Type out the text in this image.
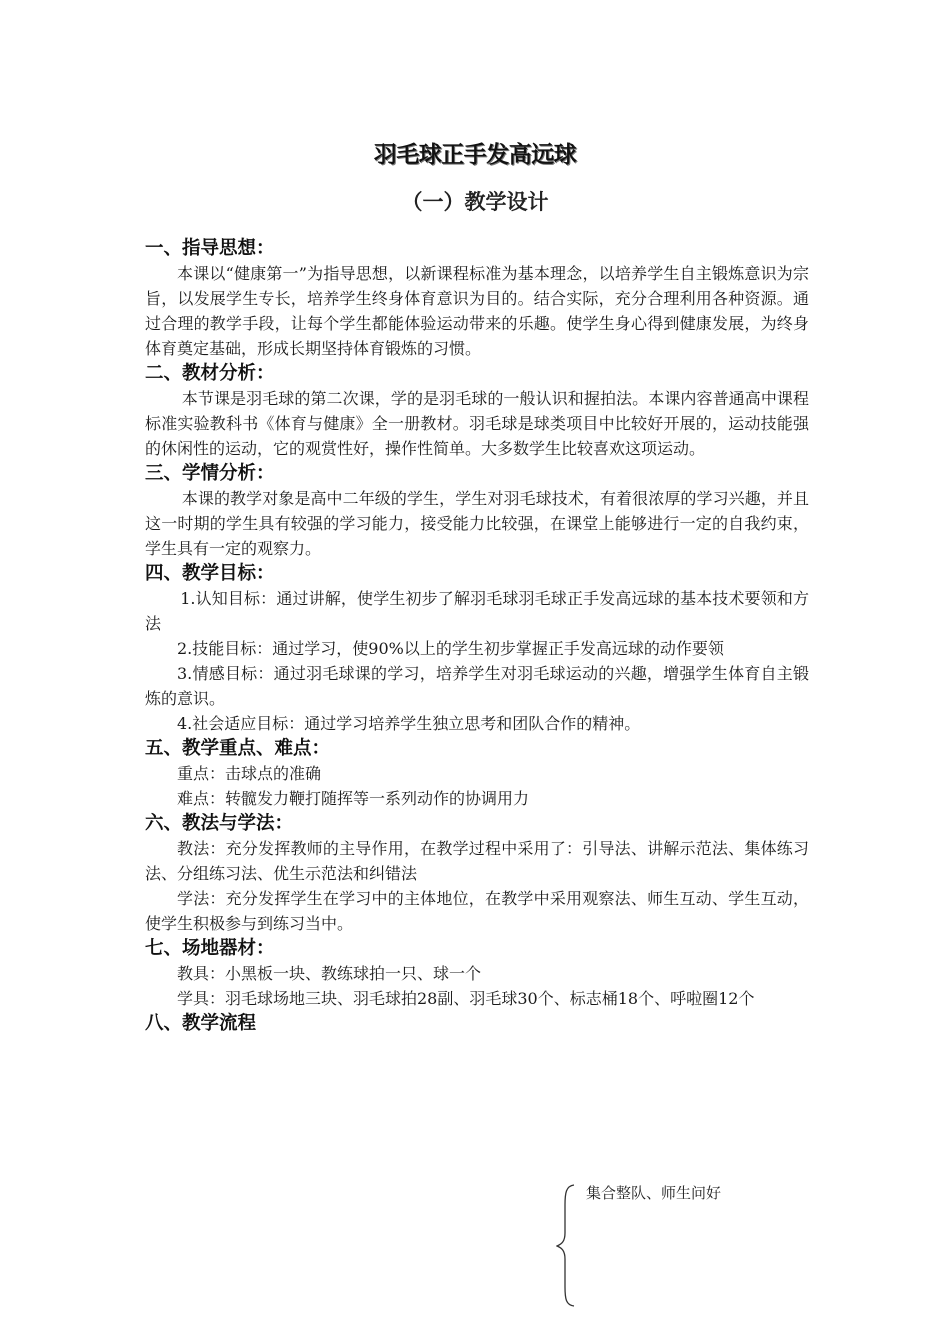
羽毛球正手发高远球
（一）教学设计
一、指导思想：
本课以“健康第一”为指导思想，以新课程标准为基本理念，以培养学生自主锻炼意识为宗旨，以发展学生专长，培养学生终身体育意识为目的。结合实际，充分合理利用各种资源。通过合理的教学手段，让每个学生都能体验运动带来的乐趣。使学生身心得到健康发展，为终身体育奠定基础，形成长期坚持体育锻炼的习惯。
二、教材分析：
本节课是羽毛球的第二次课，学的是羽毛球的一般认识和握拍法。本课内容普通高中课程标准实验教科书《体育与健康》全一册教材。羽毛球是球类项目中比较好开展的，运动技能强的休闲性的运动，它的观赏性好，操作性简单。大多数学生比较喜欢这项运动。
三、学情分析：
本课的教学对象是高中二年级的学生，学生对羽毛球技术，有着很浓厚的学习兴趣，并且这一时期的学生具有较强的学习能力，接受能力比较强，在课堂上能够进行一定的自我约束，学生具有一定的观察力。
四、教学目标：
1.认知目标：通过讲解，使学生初步了解羽毛球羽毛球正手发高远球的基本技术要领和方法
2.技能目标：通过学习，使90%以上的学生初步掌握正手发高远球的动作要领
3.情感目标：通过羽毛球课的学习，培养学生对羽毛球运动的兴趣，增强学生体育自主锻炼的意识。
4.社会适应目标：通过学习培养学生独立思考和团队合作的精神。
五、教学重点、难点：
重点：击球点的准确
难点：转髋发力鞭打随挥等一系列动作的协调用力
六、教法与学法：
教法：充分发挥教师的主导作用，在教学过程中采用了：引导法、讲解示范法、集体练习法、分组练习法、优生示范法和纠错法
学法：充分发挥学生在学习中的主体地位，在教学中采用观察法、师生互动、学生互动，使学生积极参与到练习当中。
七、场地器材：
教具：小黑板一块、教练球拍一只、球一个
学具：羽毛球场地三块、羽毛球拍28副、羽毛球30个、标志桶18个、呼啦圈12个
八、教学流程
集合整队、师生问好
